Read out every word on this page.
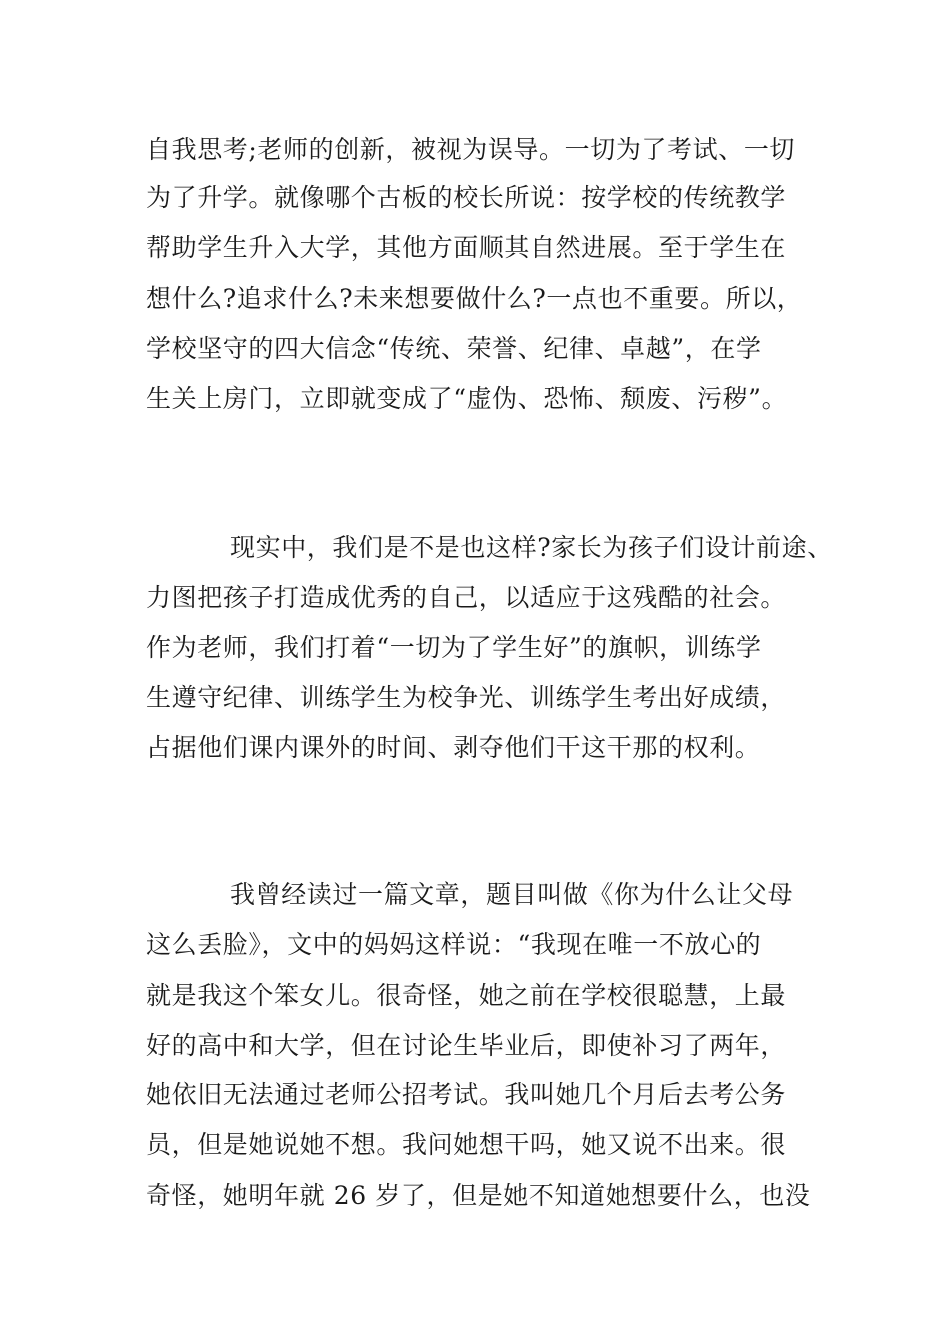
自我思考;老师的创新，被视为误导。一切为了考试、一切
为了升学。就像哪个古板的校长所说：按学校的传统教学
帮助学生升入大学，其他方面顺其自然进展。至于学生在
想什么?追求什么?未来想要做什么?一点也不重要。所以，
学校坚守的四大信念“传统、荣誉、纪律、卓越”，在学
生关上房门，立即就变成了“虚伪、恐怖、颓废、污秽”。
现实中，我们是不是也这样?家长为孩子们设计前途、
力图把孩子打造成优秀的自己，以适应于这残酷的社会。
作为老师，我们打着“一切为了学生好”的旗帜，训练学
生遵守纪律、训练学生为校争光、训练学生考出好成绩，
占据他们课内课外的时间、剥夺他们干这干那的权利。
我曾经读过一篇文章，题目叫做《你为什么让父母
这么丢脸》，文中的妈妈这样说：“我现在唯一不放心的
就是我这个笨女儿。很奇怪，她之前在学校很聪慧，上最
好的高中和大学，但在讨论生毕业后，即使补习了两年，
她依旧无法通过老师公招考试。我叫她几个月后去考公务
员，但是她说她不想。我问她想干吗，她又说不出来。很
奇怪，她明年就 26 岁了，但是她不知道她想要什么，也没
